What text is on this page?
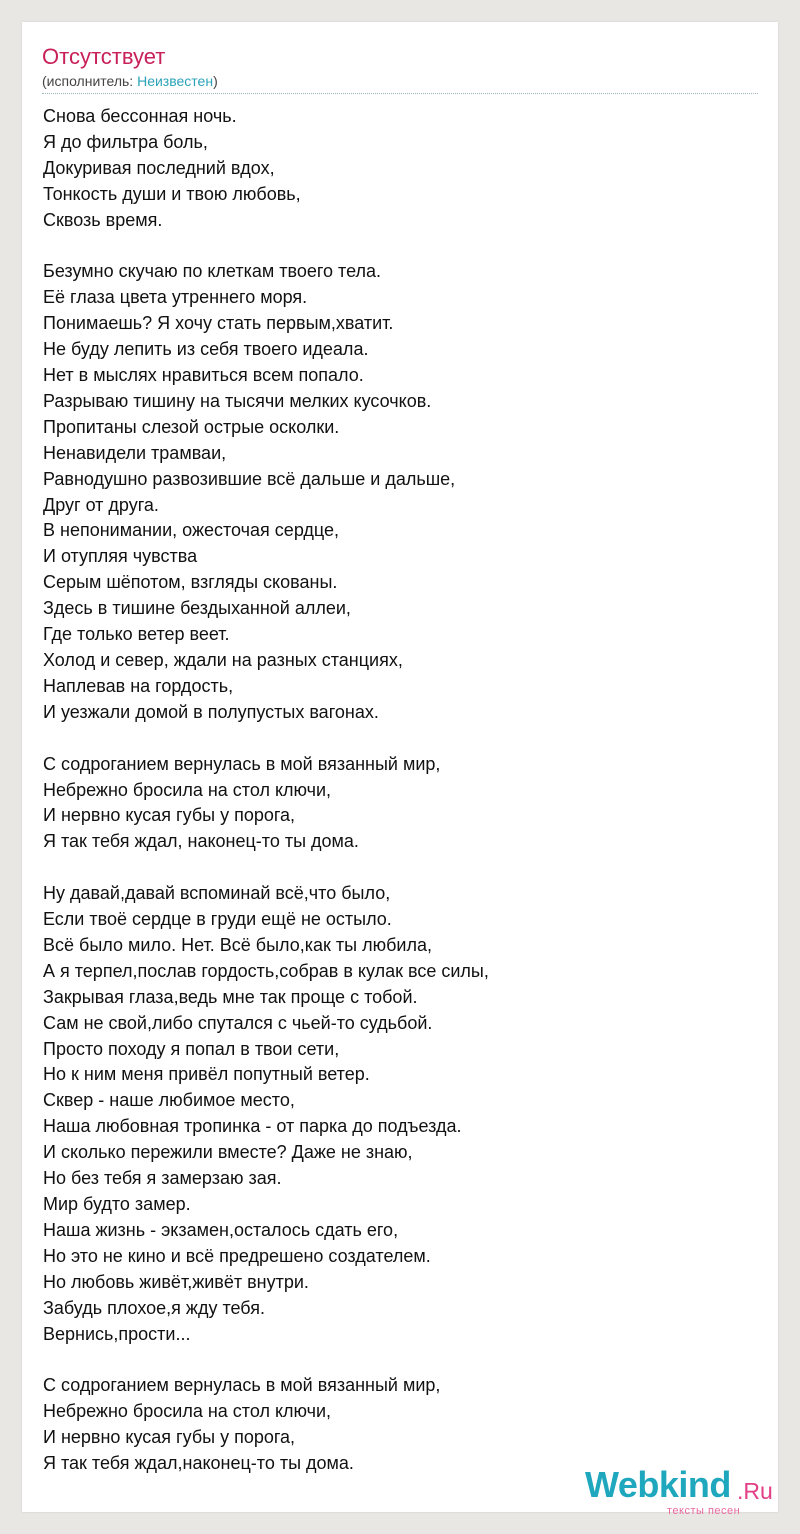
Отсутствует
(исполнитель: Неизвестен)
Снова бессонная ночь.
Я до фильтра боль,
Докуривая последний вдох,
Тонкость души и твою любовь,
Сквозь время.
Безумно скучаю по клеткам твоего тела.
Её глаза цвета утреннего моря.
Понимаешь? Я хочу стать первым,хватит.
Не буду лепить из себя твоего идеала.
Нет в мыслях нравиться всем попало.
Разрываю тишину на тысячи мелких кусочков.
Пропитаны слезой острые осколки.
Ненавидели трамваи,
Равнодушно развозившие всё дальше и дальше,
Друг от друга.
В непонимании, ожесточая сердце,
И отупляя чувства
Серым шёпотом, взгляды скованы.
Здесь в тишине бездыханной аллеи,
Где только ветер веет.
Холод и север, ждали на разных станциях,
Наплевав на гордость,
И уезжали домой в полупустых вагонах.
С содроганием вернулась в мой вязанный мир,
Небрежно бросила на стол ключи,
И нервно кусая губы у порога,
Я так тебя ждал, наконец-то ты дома.
Ну давай,давай вспоминай всё,что было,
Если твоё сердце в груди ещё не остыло.
Всё было мило. Нет. Всё было,как ты любила,
А я терпел,послав гордость,собрав в кулак все силы,
Закрывая глаза,ведь мне так проще с тобой.
Сам не свой,либо спутался с чьей-то судьбой.
Просто походу я попал в твои сети,
Но к ним меня привёл попутный ветер.
Сквер - наше любимое место,
Наша любовная тропинка - от парка до подъезда.
И сколько пережили вместе? Даже не знаю,
Но без тебя я замерзаю зая.
Мир будто замер.
Наша жизнь - экзамен,осталось сдать его,
Но это не кино и всё предрешено создателем.
Но любовь живёт,живёт внутри.
Забудь плохое,я жду тебя.
Вернись,прости...
С содроганием вернулась в мой вязанный мир,
Небрежно бросила на стол ключи,
И нервно кусая губы у порога,
Я так тебя ждал,наконец-то ты дома.
Webkind .Ru
тексты песен
